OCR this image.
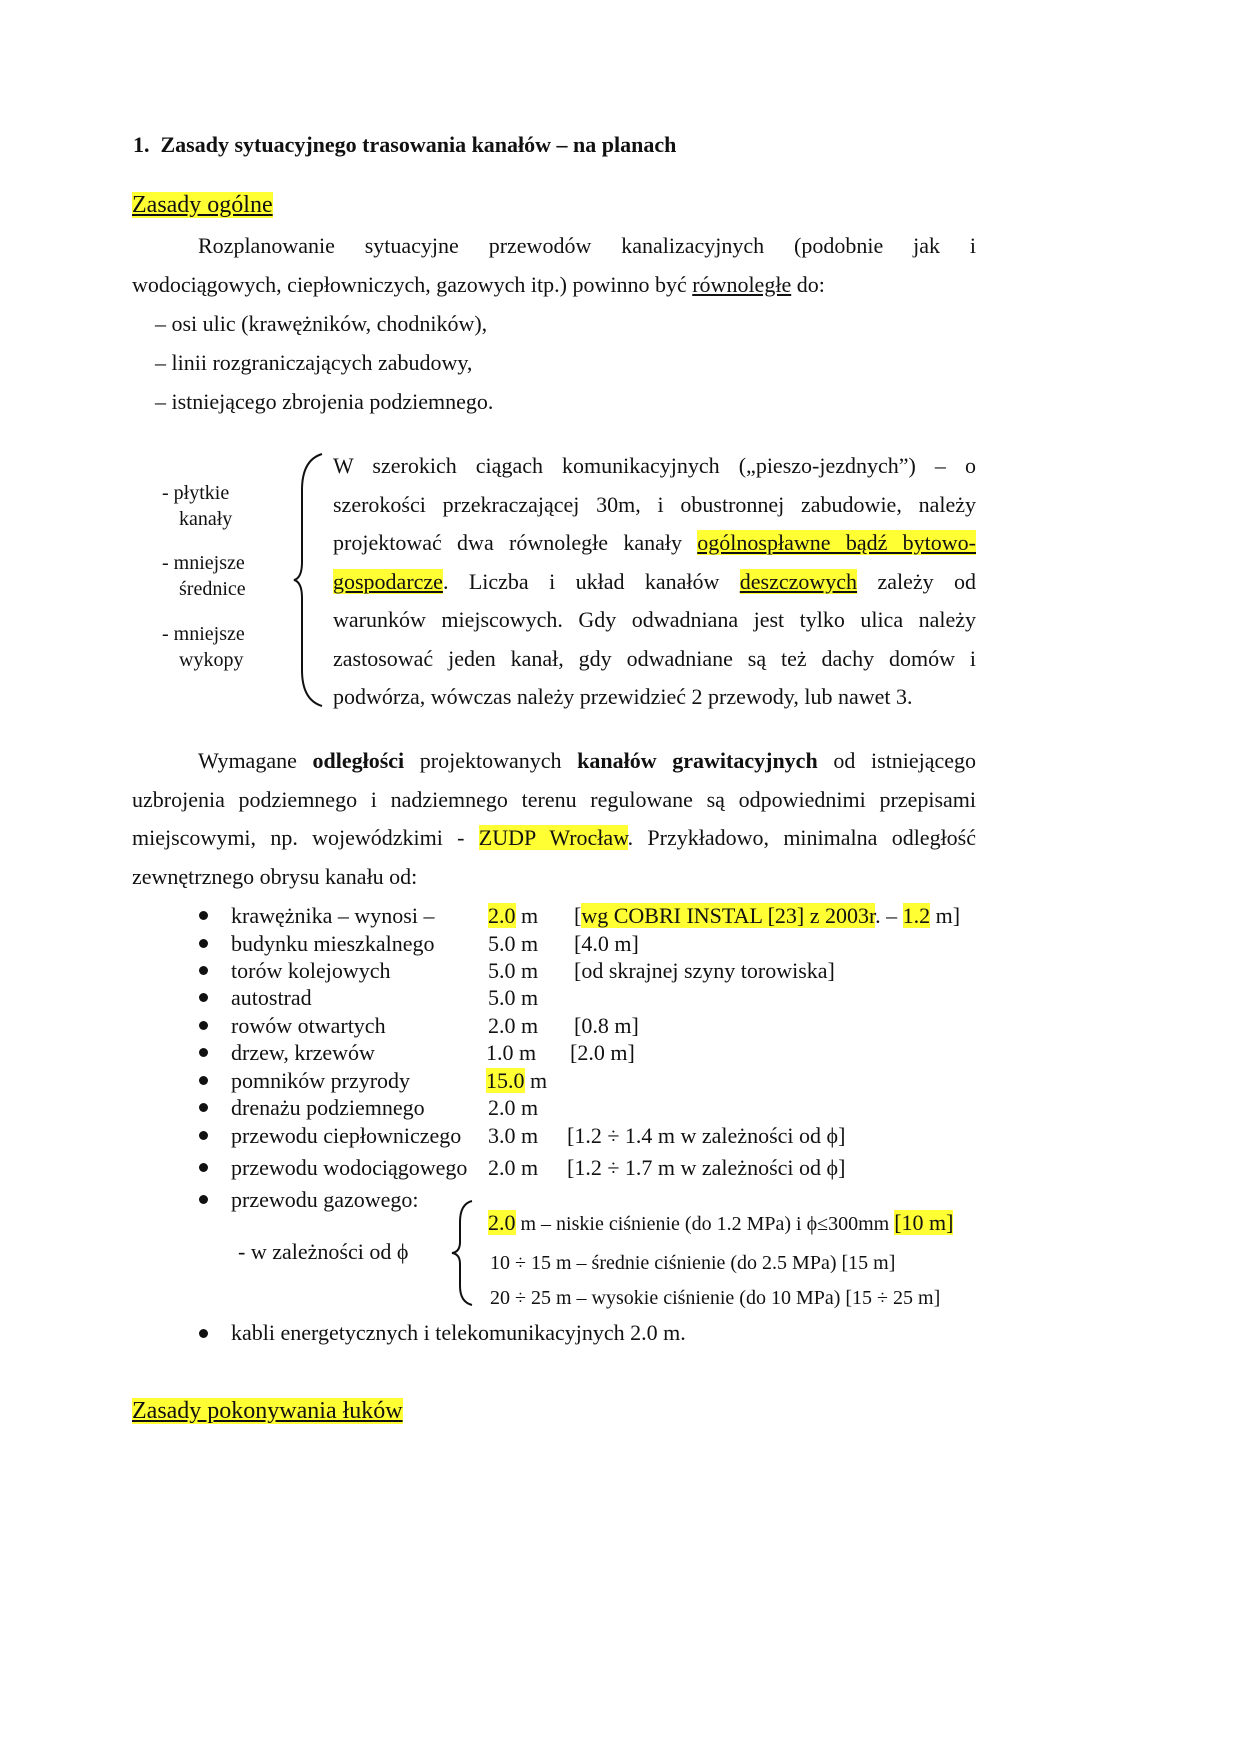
1. Zasady sytuacyjnego trasowania kanałów – na planach
Zasady ogólne
Rozplanowanie sytuacyjne przewodów kanalizacyjnych (podobnie jak i
wodociągowych, ciepłowniczych, gazowych itp.) powinno być równoległe do:
– osi ulic (krawężników, chodników),
– linii rozgraniczających zabudowy,
– istniejącego zbrojenia podziemnego.
- płytkie
kanały
- mniejsze
średnice
- mniejsze
wykopy
W szerokich ciągach komunikacyjnych („pieszo-jezdnych”) – o
szerokości przekraczającej 30m, i obustronnej zabudowie, należy
projektować dwa równoległe kanały ogólnospławne bądź bytowo-
gospodarcze. Liczba i układ kanałów deszczowych zależy od
warunków miejscowych. Gdy odwadniana jest tylko ulica należy
zastosować jeden kanał, gdy odwadniane są też dachy domów i
podwórza, wówczas należy przewidzieć 2 przewody, lub nawet 3.
Wymagane odległości projektowanych kanałów grawitacyjnych od istniejącego
uzbrojenia podziemnego i nadziemnego terenu regulowane są odpowiednimi przepisami
miejscowymi, np. wojewódzkimi - ZUDP Wrocław. Przykładowo, minimalna odległość
zewnętrznego obrysu kanału od:
krawężnika – wynosi – 2.0 m [wg COBRI INSTAL [23] z 2003r. – 1.2 m]
budynku mieszkalnego 5.0 m [4.0 m]
torów kolejowych	5.0 m [od skrajnej szyny torowiska]
autostrad	5.0 m
rowów otwartych	2.0 m [0.8 m]
drzew, krzewów	1.0 m [2.0 m]
pomników przyrody	15.0 m
drenażu podziemnego	2.0 m
przewodu ciepłowniczego 3.0 m [1.2 ÷ 1.4 m w zależności od ϕ]
przewodu wodociągowego 2.0 m [1.2 ÷ 1.7 m w zależności od ϕ]
przewodu gazowego:
- w zależności od ϕ
2.0 m – niskie ciśnienie (do 1.2 MPa) i ϕ≤300mm [10 m]
10 ÷ 15 m – średnie ciśnienie (do 2.5 MPa) [15 m]
20 ÷ 25 m – wysokie ciśnienie (do 10 MPa) [15 ÷ 25 m]
kabli energetycznych i telekomunikacyjnych 2.0 m.
Zasady pokonywania łuków
